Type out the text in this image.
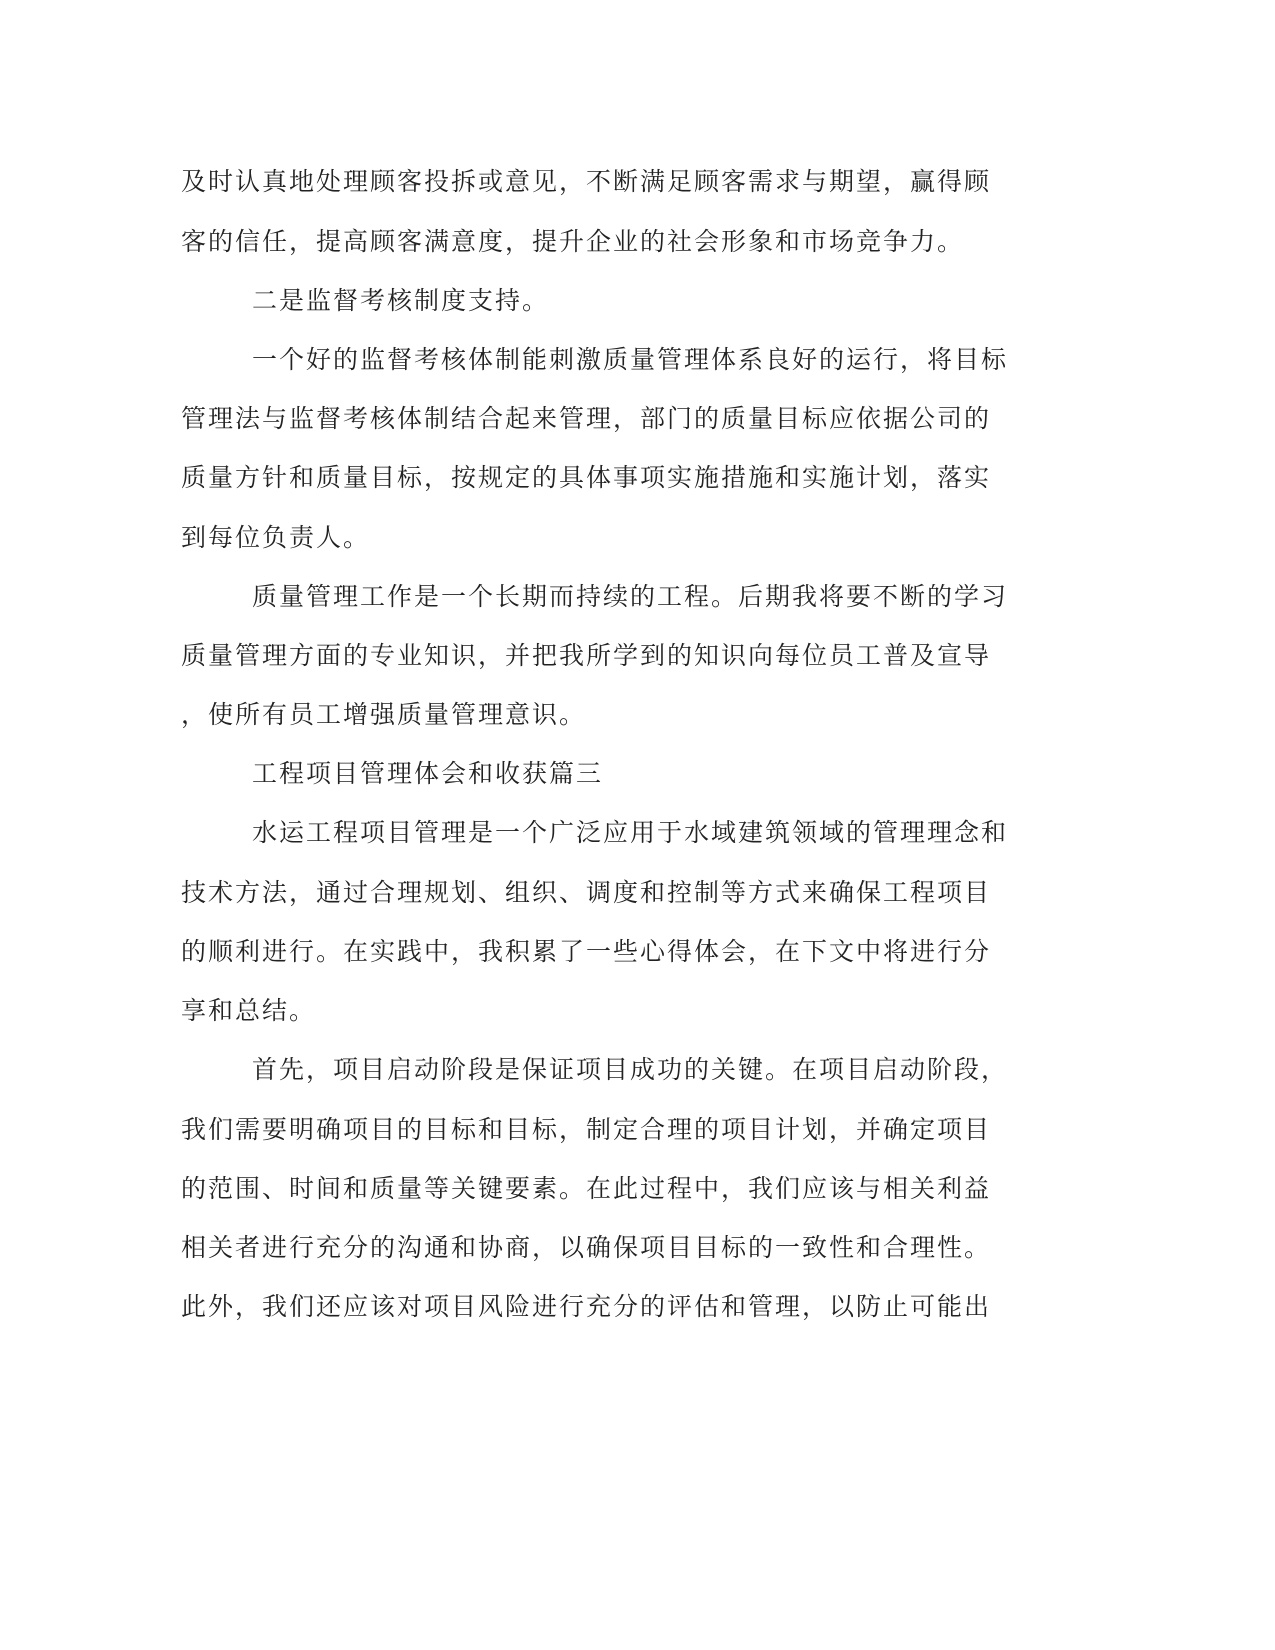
及时认真地处理顾客投拆或意见，不断满足顾客需求与期望，赢得顾
客的信任，提高顾客满意度，提升企业的社会形象和市场竞争力。
二是监督考核制度支持。
一个好的监督考核体制能刺激质量管理体系良好的运行，将目标
管理法与监督考核体制结合起来管理，部门的质量目标应依据公司的
质量方针和质量目标，按规定的具体事项实施措施和实施计划，落实
到每位负责人。
质量管理工作是一个长期而持续的工程。后期我将要不断的学习
质量管理方面的专业知识，并把我所学到的知识向每位员工普及宣导
，使所有员工增强质量管理意识。
工程项目管理体会和收获篇三
水运工程项目管理是一个广泛应用于水域建筑领域的管理理念和
技术方法，通过合理规划、组织、调度和控制等方式来确保工程项目
的顺利进行。在实践中，我积累了一些心得体会，在下文中将进行分
享和总结。
首先，项目启动阶段是保证项目成功的关键。在项目启动阶段，
我们需要明确项目的目标和目标，制定合理的项目计划，并确定项目
的范围、时间和质量等关键要素。在此过程中，我们应该与相关利益
相关者进行充分的沟通和协商，以确保项目目标的一致性和合理性。
此外，我们还应该对项目风险进行充分的评估和管理，以防止可能出
